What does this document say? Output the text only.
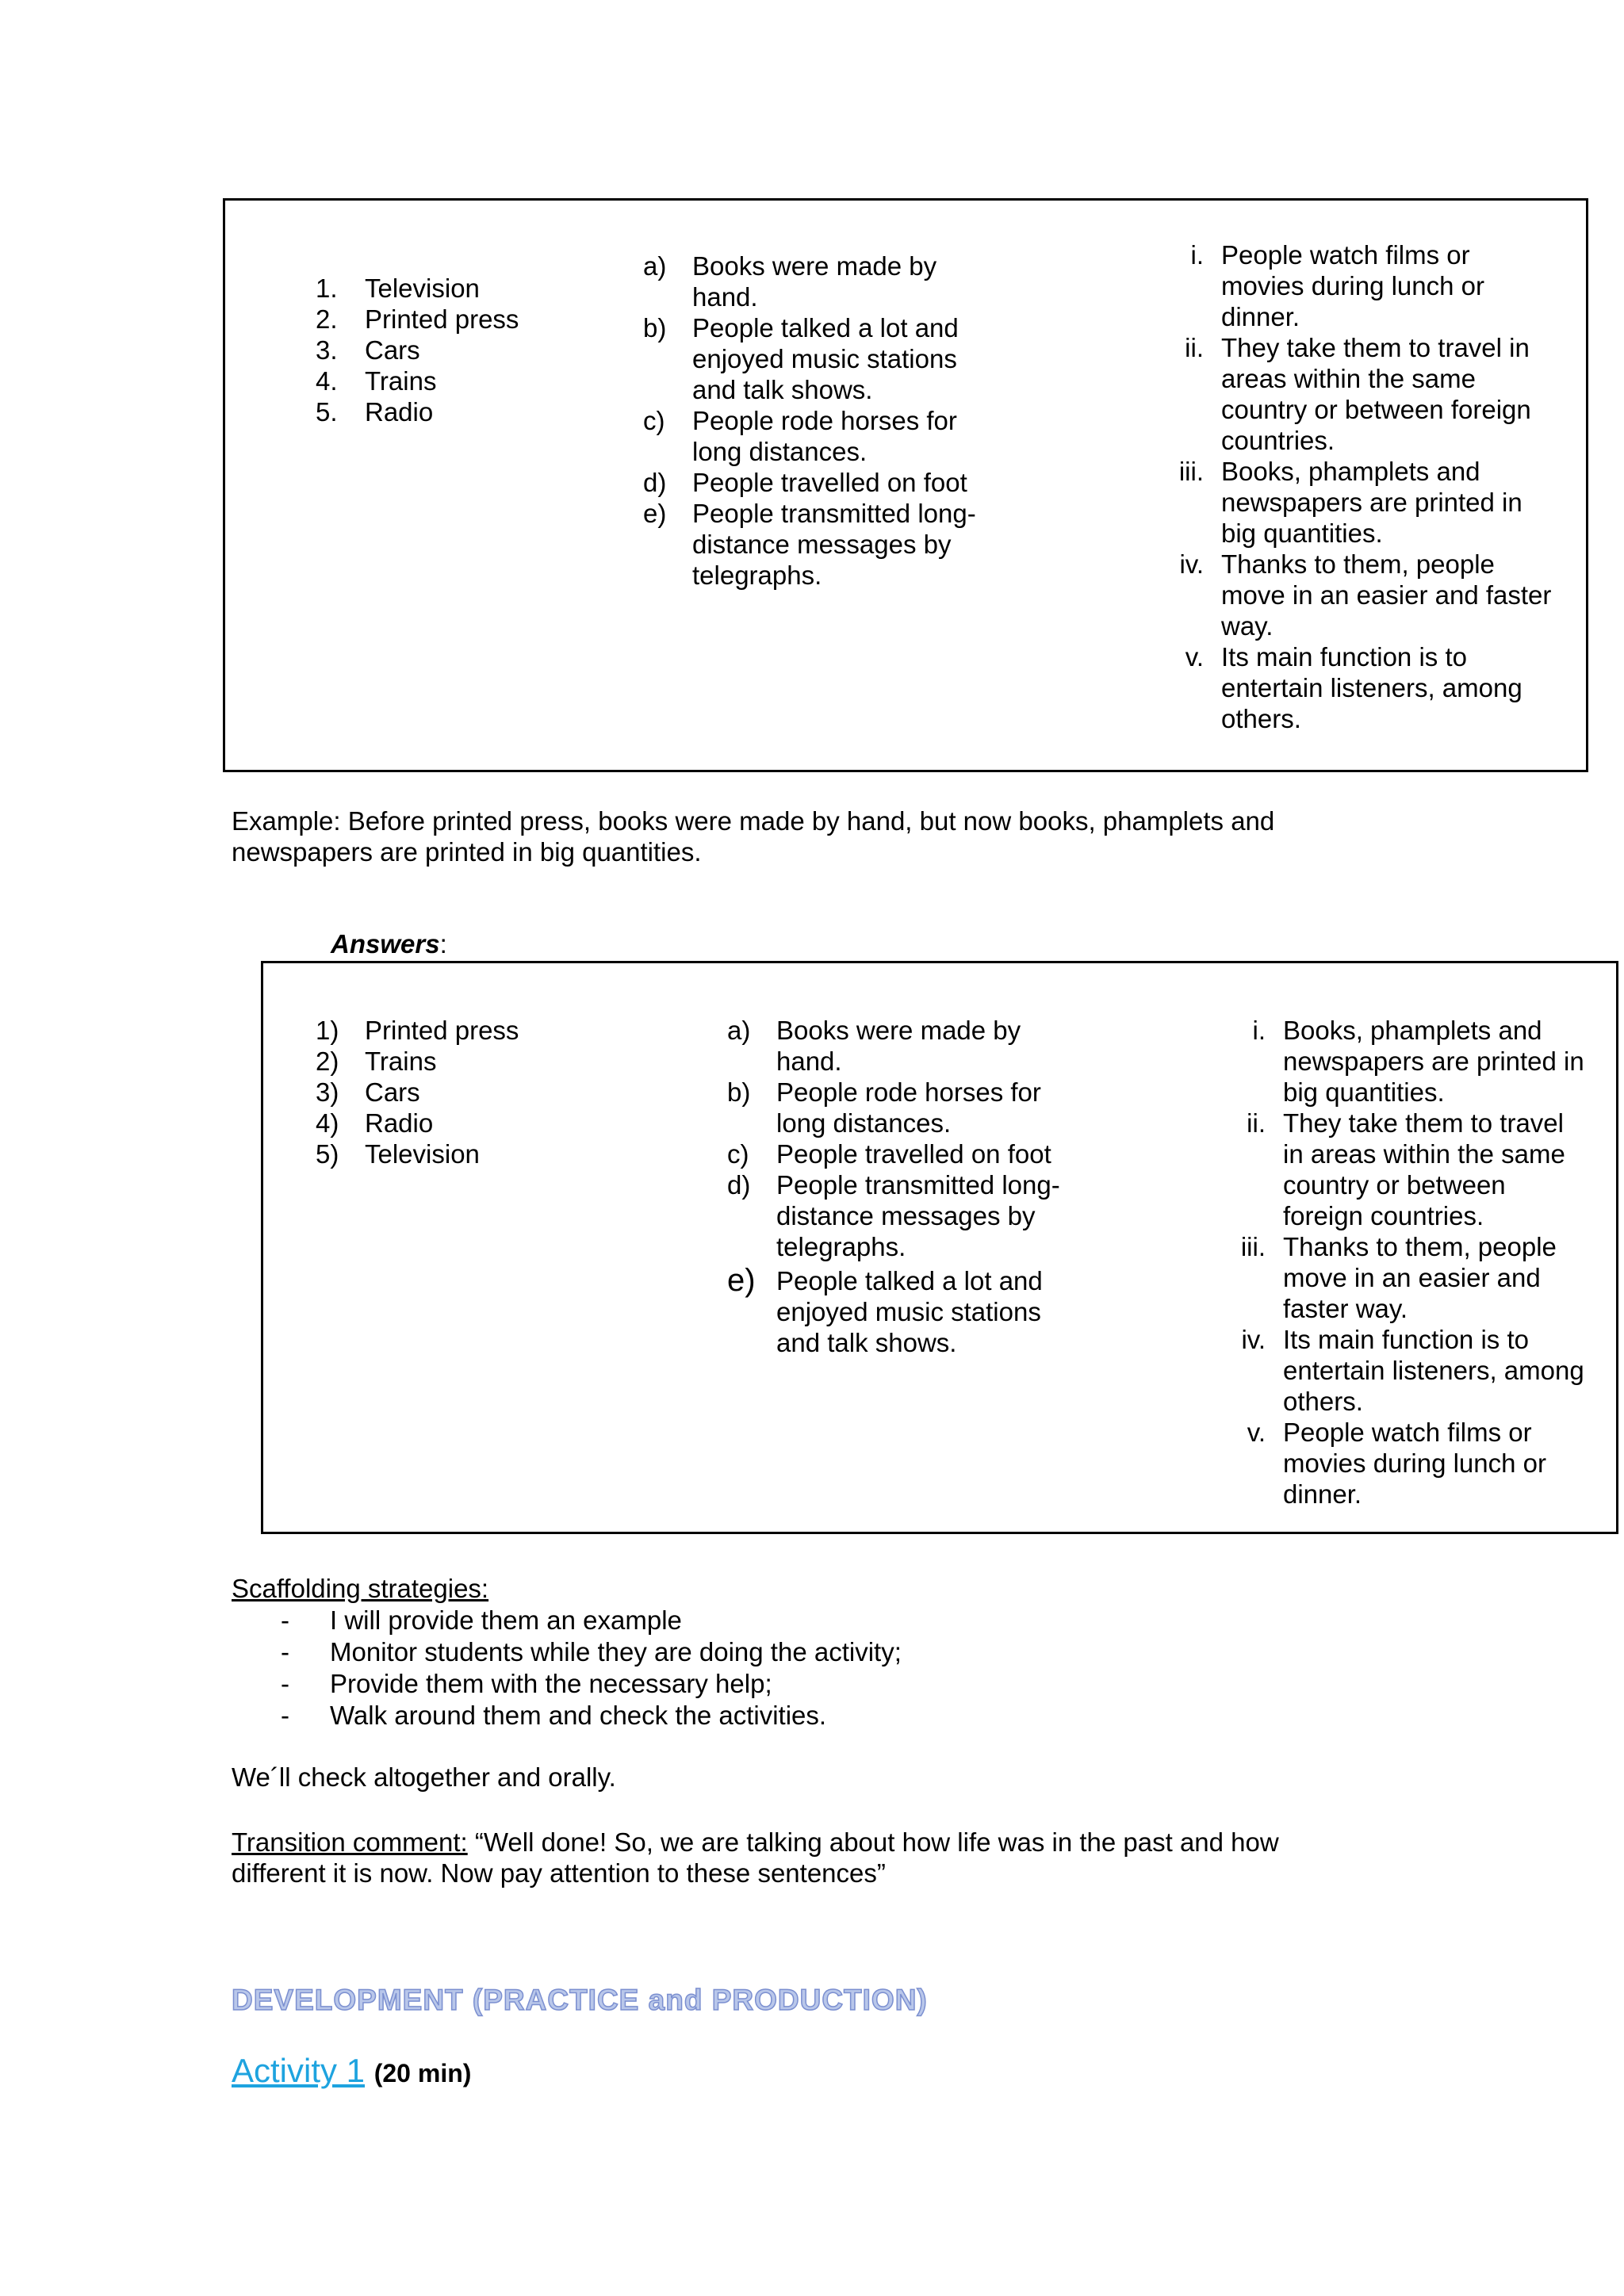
1.	Television
2.	Printed press
3.	Cars
4.	Trains
5.	Radio
a) Books were made by hand.
b) People talked a lot and enjoyed music stations and talk shows.
c)	People rode horses for long distances.
d) People travelled on foot
e) People transmitted long-distance messages by telegraphs.
i. People watch films or movies during lunch or dinner.
ii. They take them to travel in areas within the same country or between foreign countries.
iii. Books, phamplets and newspapers are printed in big quantities.
iv. Thanks to them, people move in an easier and faster way.
v. Its main function is to entertain listeners, among others.
Example: Before printed press, books were made by hand, but now books, phamplets and newspapers are printed in big quantities.
Answers:
1) Printed press
2) Trains
3) Cars
4) Radio
5) Television
a) Books were made by hand.
b) People rode horses for long distances.
c)	People travelled on foot
d) People transmitted long-distance messages by telegraphs.
e) People talked a lot and enjoyed music stations and talk shows.
i. Books, phamplets and newspapers are printed in big quantities.
ii. They take them to travel in areas within the same country or between foreign countries.
iii. Thanks to them, people move in an easier and faster way.
iv. Its main function is to entertain listeners, among others.
v. People watch films or movies during lunch or dinner.
Scaffolding strategies:
- I will provide them an example
- Monitor students while they are doing the activity;
- Provide them with the necessary help;
- Walk around them and check the activities.
We´ll check altogether and orally.
Transition comment: “Well done! So, we are talking about how life was in the past and how different it is now. Now pay attention to these sentences”
DEVELOPMENT (PRACTICE and PRODUCTION)
Activity 1 (20 min)
